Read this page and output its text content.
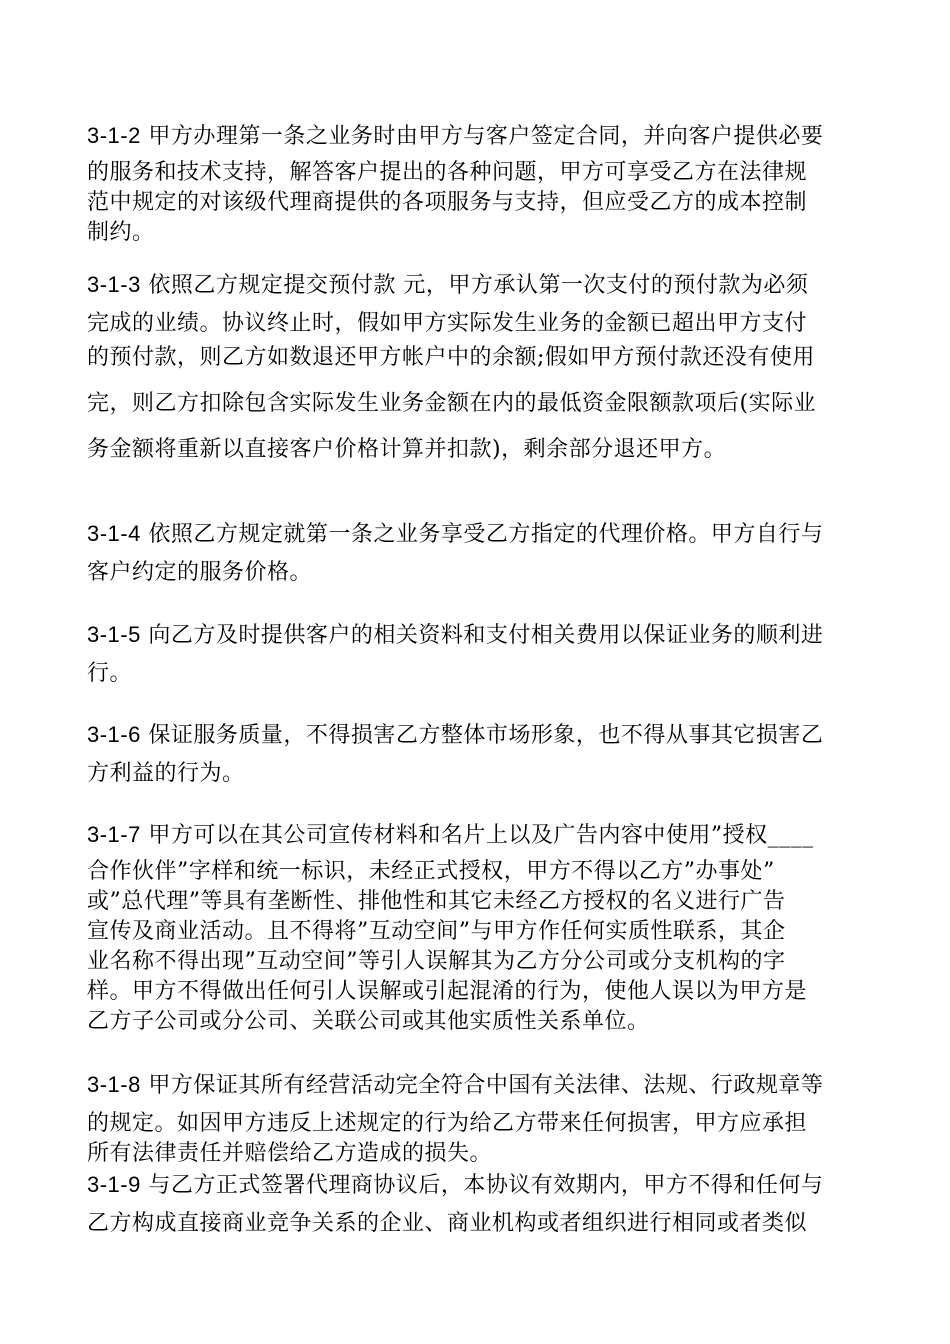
3-1-2 甲方办理第一条之业务时由甲方与客户签定合同，并向客户提供必要
的服务和技术支持，解答客户提出的各种问题，甲方可享受乙方在法律规
范中规定的对该级代理商提供的各项服务与支持，但应受乙方的成本控制
制约。
3-1-3 依照乙方规定提交预付款 元，甲方承认第一次支付的预付款为必须
完成的业绩。协议终止时，假如甲方实际发生业务的金额已超出甲方支付
的预付款，则乙方如数退还甲方帐户中的余额;假如甲方预付款还没有使用
完，则乙方扣除包含实际发生业务金额在内的最低资金限额款项后(实际业
务金额将重新以直接客户价格计算并扣款)，剩余部分退还甲方。
3-1-4 依照乙方规定就第一条之业务享受乙方指定的代理价格。甲方自行与
客户约定的服务价格。
3-1-5 向乙方及时提供客户的相关资料和支付相关费用以保证业务的顺利进
行。
3-1-6 保证服务质量，不得损害乙方整体市场形象，也不得从事其它损害乙
方利益的行为。
3-1-7 甲方可以在其公司宣传材料和名片上以及广告内容中使用”授权____
合作伙伴”字样和统一标识，未经正式授权，甲方不得以乙方”办事处”
或”总代理”等具有垄断性、排他性和其它未经乙方授权的名义进行广告
宣传及商业活动。且不得将”互动空间”与甲方作任何实质性联系，其企
业名称不得出现”互动空间”等引人误解其为乙方分公司或分支机构的字
样。甲方不得做出任何引人误解或引起混淆的行为，使他人误以为甲方是
乙方子公司或分公司、关联公司或其他实质性关系单位。
3-1-8 甲方保证其所有经营活动完全符合中国有关法律、法规、行政规章等
的规定。如因甲方违反上述规定的行为给乙方带来任何损害，甲方应承担
所有法律责任并赔偿给乙方造成的损失。
3-1-9 与乙方正式签署代理商协议后，本协议有效期内，甲方不得和任何与
乙方构成直接商业竞争关系的企业、商业机构或者组织进行相同或者类似
